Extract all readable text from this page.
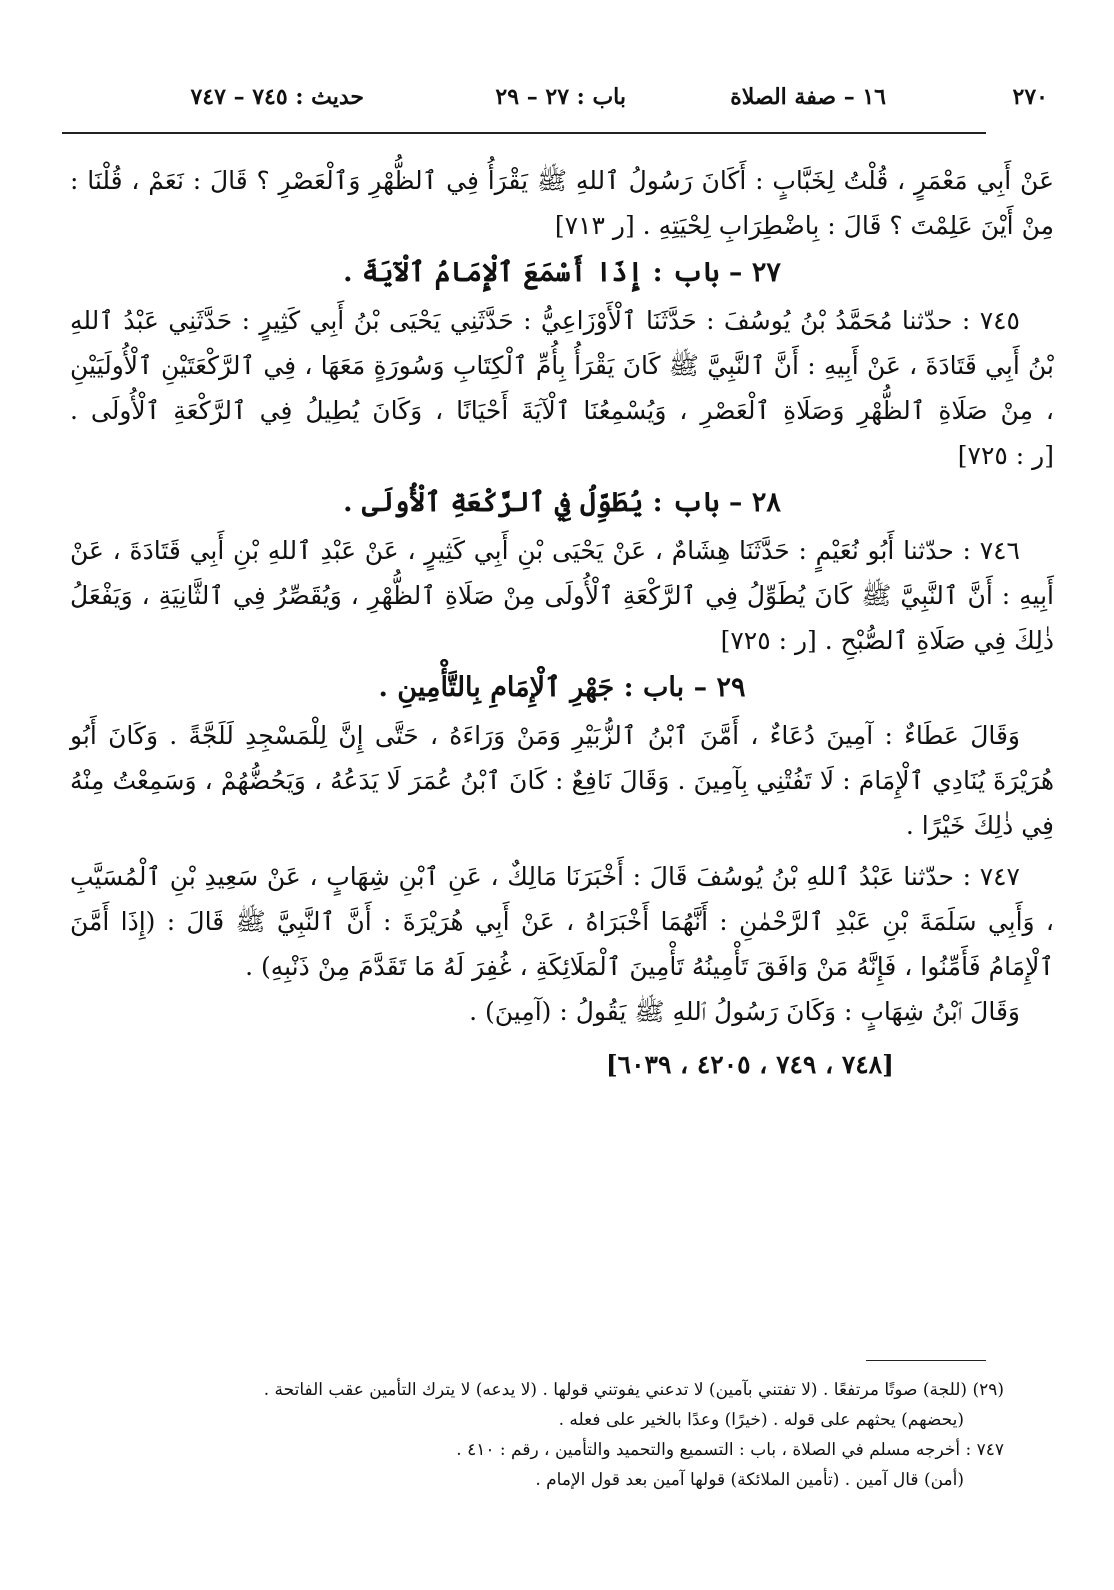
٢٧٠
١٦ – صفة الصلاة
باب : ٢٧ – ٢٩
حديث : ٧٤٥ – ٧٤٧

عَنْ أَبِي مَعْمَرٍ ، قُلْتُ لِخَبَّابٍ : أَكَانَ رَسُولُ ٱللهِ ﷺ يَقْرَأُ فِي ٱلظُّهْرِ وَٱلْعَصْرِ ؟ قَالَ : نَعَمْ ، قُلْنَا : مِنْ أَيْنَ عَلِمْتَ ؟ قَالَ : بِاضْطِرَابِ لِحْيَتِهِ . [ر ٧١٣]

٢٧ – باب : إِذَا أَسْمَعَ ٱلْإِمَامُ ٱلْآيَةَ .

٧٤٥ : حدّثنا مُحَمَّدُ بْنُ يُوسُفَ : حَدَّثَنَا ٱلْأَوْزَاعِيُّ : حَدَّثَنِي يَحْيَى بْنُ أَبِي كَثِيرٍ : حَدَّثَنِي عَبْدُ ٱللهِ بْنُ أَبِي قَتَادَةَ ، عَنْ أَبِيهِ : أَنَّ ٱلنَّبِيَّ ﷺ كَانَ يَقْرَأُ بِأُمِّ ٱلْكِتَابِ وَسُورَةٍ مَعَهَا ، فِي ٱلرَّكْعَتَيْنِ ٱلْأُولَيَيْنِ ، مِنْ صَلَاةِ ٱلظُّهْرِ وَصَلَاةِ ٱلْعَصْرِ ، وَيُسْمِعُنَا ٱلْآيَةَ أَحْيَانًا ، وَكَانَ يُطِيلُ فِي ٱلرَّكْعَةِ ٱلْأُولَى . [ر : ٧٢٥]

٢٨ – باب : يُطَوِّلُ فِي ٱلرَّكْعَةِ ٱلْأُولَى .

٧٤٦ : حدّثنا أَبُو نُعَيْمٍ : حَدَّثَنَا هِشَامٌ ، عَنْ يَحْيَى بْنِ أَبِي كَثِيرٍ ، عَنْ عَبْدِ ٱللهِ بْنِ أَبِي قَتَادَةَ ، عَنْ أَبِيهِ : أَنَّ ٱلنَّبِيَّ ﷺ كَانَ يُطَوِّلُ فِي ٱلرَّكْعَةِ ٱلْأُولَى مِنْ صَلَاةِ ٱلظُّهْرِ ، وَيُقَصِّرُ فِي ٱلثَّانِيَةِ ، وَيَفْعَلُ ذٰلِكَ فِي صَلَاةِ ٱلصُّبْحِ . [ر : ٧٢٥]

٢٩ – باب : جَهْرِ ٱلْإِمَامِ بِالتَّأْمِينِ .

وَقَالَ عَطَاءٌ : آمِينَ دُعَاءٌ ، أَمَّنَ ٱبْنُ ٱلزُّبَيْرِ وَمَنْ وَرَاءَهُ ، حَتَّى إِنَّ لِلْمَسْجِدِ لَلَجَّةً . وَكَانَ أَبُو هُرَيْرَةَ يُنَادِي ٱلْإِمَامَ : لَا تَفُتْنِي بِآمِينَ . وَقَالَ نَافِعٌ : كَانَ ٱبْنُ عُمَرَ لَا يَدَعُهُ ، وَيَحُضُّهُمْ ، وَسَمِعْتُ مِنْهُ فِي ذٰلِكَ خَيْرًا .

٧٤٧ : حدّثنا عَبْدُ ٱللهِ بْنُ يُوسُفَ قَالَ : أَخْبَرَنَا مَالِكٌ ، عَنِ ٱبْنِ شِهَابٍ ، عَنْ سَعِيدِ بْنِ ٱلْمُسَيَّبِ ، وَأَبِي سَلَمَةَ بْنِ عَبْدِ ٱلرَّحْمٰنِ : أَنَّهُمَا أَخْبَرَاهُ ، عَنْ أَبِي هُرَيْرَةَ : أَنَّ ٱلنَّبِيَّ ﷺ قَالَ : (إِذَا أَمَّنَ ٱلْإِمَامُ فَأَمِّنُوا ، فَإِنَّهُ مَنْ وَافَقَ تَأْمِينُهُ تَأْمِينَ ٱلْمَلَائِكَةِ ، غُفِرَ لَهُ مَا تَقَدَّمَ مِنْ ذَنْبِهِ) .

وَقَالَ ٱبْنُ شِهَابٍ : وَكَانَ رَسُولُ ٱللهِ ﷺ يَقُولُ : (آمِينَ) .

[٧٤٨ ، ٧٤٩ ، ٤٢٠٥ ، ٦٠٣٩]

(٢٩) (للجة) صوتًا مرتفعًا . (لا تفتني بآمين) لا تدعني يفوتني قولها . (لا يدعه) لا يترك التأمين عقب الفاتحة .

(يحضهم) يحثهم على قوله . (خيرًا) وعدًا بالخير على فعله .

٧٤٧ : أخرجه مسلم في الصلاة ، باب : التسميع والتحميد والتأمين ، رقم : ٤١٠ .

(أمن) قال آمين . (تأمين الملائكة) قولها آمين بعد قول الإمام .
